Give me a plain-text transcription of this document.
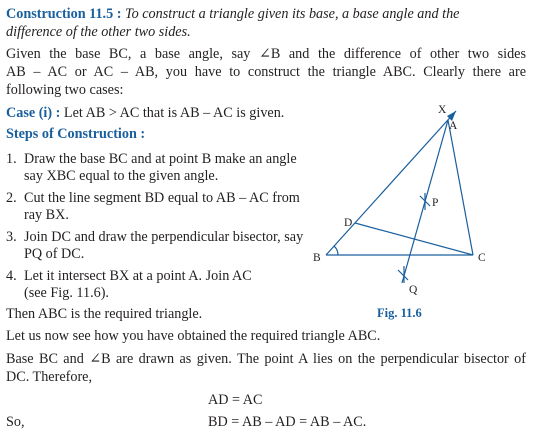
Construction 11.5 : To construct a triangle given its base, a base angle and the
difference of the other two sides.
Given the base BC, a base angle, say ∠B and the difference of other two sides
AB – AC or AC – AB, you have to construct the triangle ABC. Clearly there are
following two cases:
Case (i) : Let AB > AC that is AB – AC is given.
Steps of Construction :
1. Draw the base BC and at point B make an angle
say XBC equal to the given angle.
2. Cut the line segment BD equal to AB – AC from
ray BX.
3. Join DC and draw the perpendicular bisector, say
PQ of DC.
4. Let it intersect BX at a point A. Join AC
(see Fig. 11.6).
Then ABC is the required triangle.
X
A
P
D
B	C
Q
Fig. 11.6
Let us now see how you have obtained the required triangle ABC.
Base BC and ∠B are drawn as given. The point A lies on the perpendicular bisector of
DC. Therefore,
AD = AC
So,	BD = AB – AD = AB – AC.
